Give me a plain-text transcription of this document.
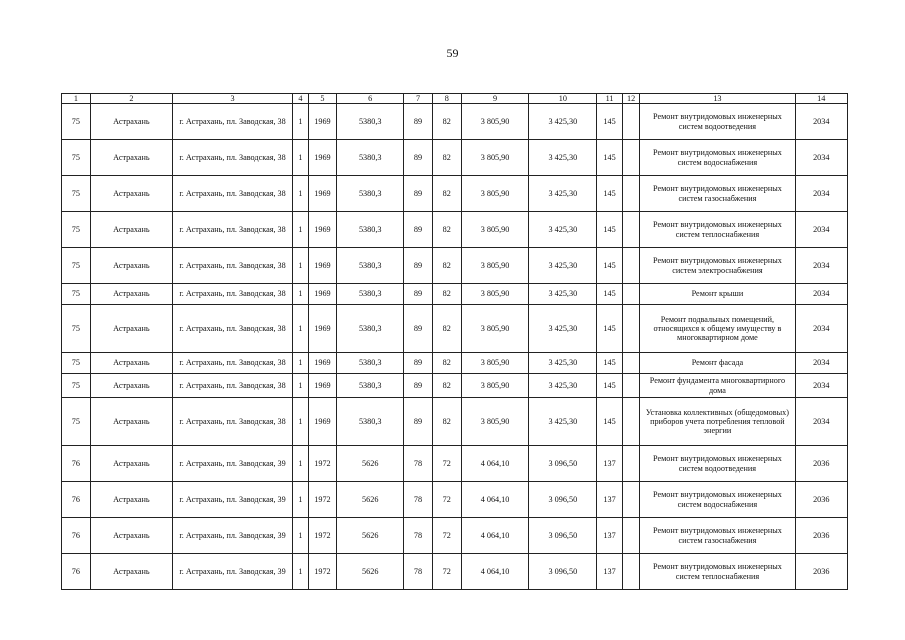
59
1	2	3	4	5	6	7	8	9	10	11	12	13	14
75	Астрахань	г. Астрахань, пл. Заводская, 38	1	1969	5380,3	89	82	3 805,90	3 425,30	145		Ремонт внутридомовых инженерных систем водоотведения	2034
75	Астрахань	г. Астрахань, пл. Заводская, 38	1	1969	5380,3	89	82	3 805,90	3 425,30	145		Ремонт внутридомовых инженерных систем водоснабжения	2034
75	Астрахань	г. Астрахань, пл. Заводская, 38	1	1969	5380,3	89	82	3 805,90	3 425,30	145		Ремонт внутридомовых инженерных систем газоснабжения	2034
75	Астрахань	г. Астрахань, пл. Заводская, 38	1	1969	5380,3	89	82	3 805,90	3 425,30	145		Ремонт внутридомовых инженерных систем теплоснабжения	2034
75	Астрахань	г. Астрахань, пл. Заводская, 38	1	1969	5380,3	89	82	3 805,90	3 425,30	145		Ремонт внутридомовых инженерных систем электроснабжения	2034
75	Астрахань	г. Астрахань, пл. Заводская, 38	1	1969	5380,3	89	82	3 805,90	3 425,30	145		Ремонт крыши	2034
75	Астрахань	г. Астрахань, пл. Заводская, 38	1	1969	5380,3	89	82	3 805,90	3 425,30	145		Ремонт подвальных помещений, относящихся к общему имуществу в многоквартирном доме	2034
75	Астрахань	г. Астрахань, пл. Заводская, 38	1	1969	5380,3	89	82	3 805,90	3 425,30	145		Ремонт фасада	2034
75	Астрахань	г. Астрахань, пл. Заводская, 38	1	1969	5380,3	89	82	3 805,90	3 425,30	145		Ремонт фундамента многоквартирного дома	2034
75	Астрахань	г. Астрахань, пл. Заводская, 38	1	1969	5380,3	89	82	3 805,90	3 425,30	145		Установка коллективных (общедомовых) приборов учета потребления тепловой энергии	2034
76	Астрахань	г. Астрахань, пл. Заводская, 39	1	1972	5626	78	72	4 064,10	3 096,50	137		Ремонт внутридомовых инженерных систем водоотведения	2036
76	Астрахань	г. Астрахань, пл. Заводская, 39	1	1972	5626	78	72	4 064,10	3 096,50	137		Ремонт внутридомовых инженерных систем водоснабжения	2036
76	Астрахань	г. Астрахань, пл. Заводская, 39	1	1972	5626	78	72	4 064,10	3 096,50	137		Ремонт внутридомовых инженерных систем газоснабжения	2036
76	Астрахань	г. Астрахань, пл. Заводская, 39	1	1972	5626	78	72	4 064,10	3 096,50	137		Ремонт внутридомовых инженерных систем теплоснабжения	2036
